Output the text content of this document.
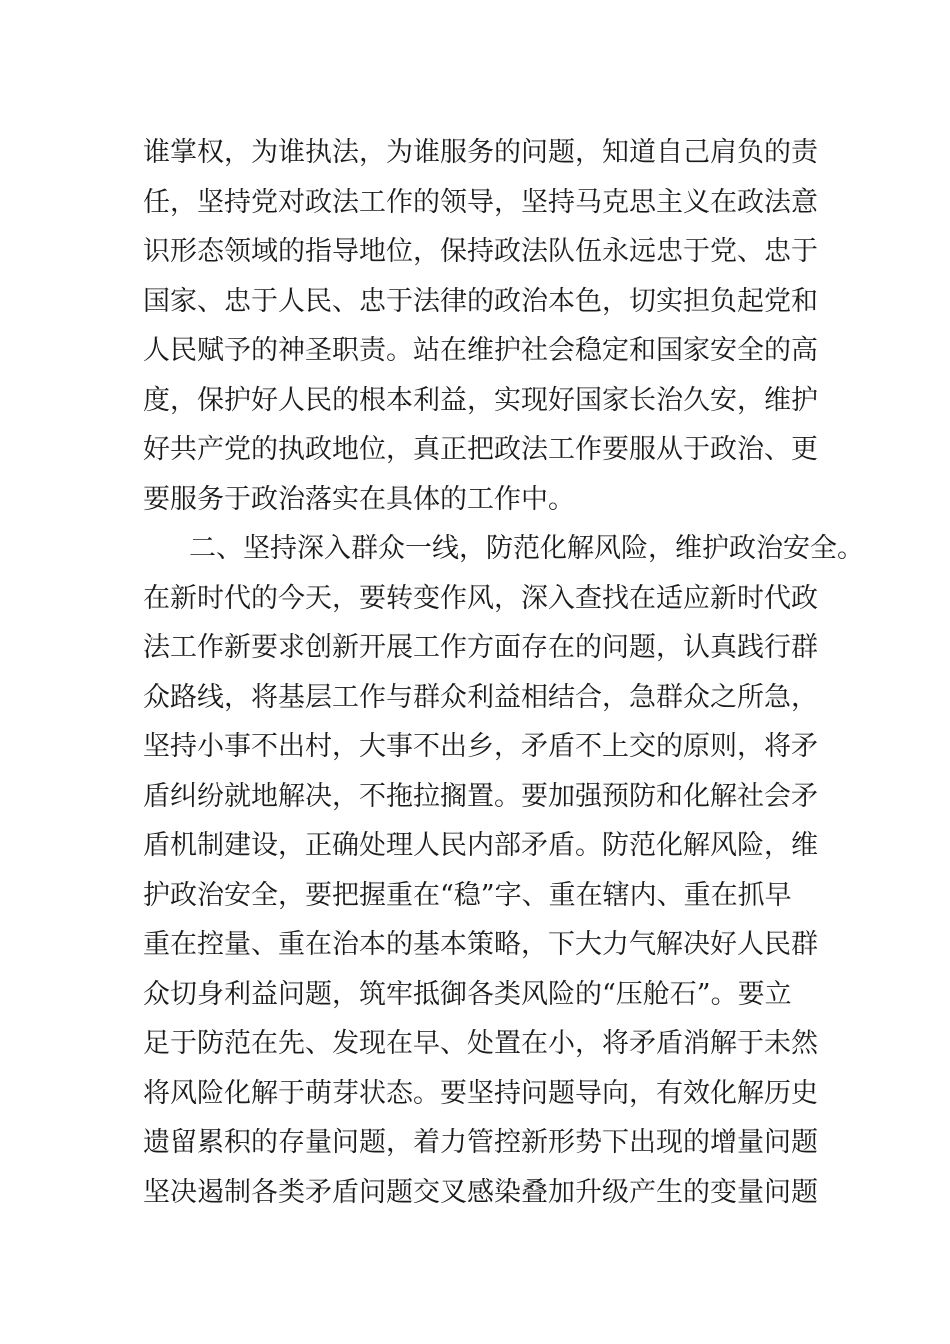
谁掌权，为谁执法，为谁服务的问题，知道自己肩负的责
任，坚持党对政法工作的领导，坚持马克思主义在政法意
识形态领域的指导地位，保持政法队伍永远忠于党、忠于
国家、忠于人民、忠于法律的政治本色，切实担负起党和
人民赋予的神圣职责。站在维护社会稳定和国家安全的高
度，保护好人民的根本利益，实现好国家长治久安，维护
好共产党的执政地位，真正把政法工作要服从于政治、更
要服务于政治落实在具体的工作中。
二、坚持深入群众一线，防范化解风险，维护政治安全。
在新时代的今天，要转变作风，深入查找在适应新时代政
法工作新要求创新开展工作方面存在的问题，认真践行群
众路线，将基层工作与群众利益相结合，急群众之所急，
坚持小事不出村，大事不出乡，矛盾不上交的原则，将矛
盾纠纷就地解决，不拖拉搁置。要加强预防和化解社会矛
盾机制建设，正确处理人民内部矛盾。防范化解风险，维
护政治安全，要把握重在“稳”字、重在辖内、重在抓早
重在控量、重在治本的基本策略，下大力气解决好人民群
众切身利益问题，筑牢抵御各类风险的“压舱石”。要立
足于防范在先、发现在早、处置在小，将矛盾消解于未然
将风险化解于萌芽状态。要坚持问题导向，有效化解历史
遗留累积的存量问题，着力管控新形势下出现的增量问题
坚决遏制各类矛盾问题交叉感染叠加升级产生的变量问题
